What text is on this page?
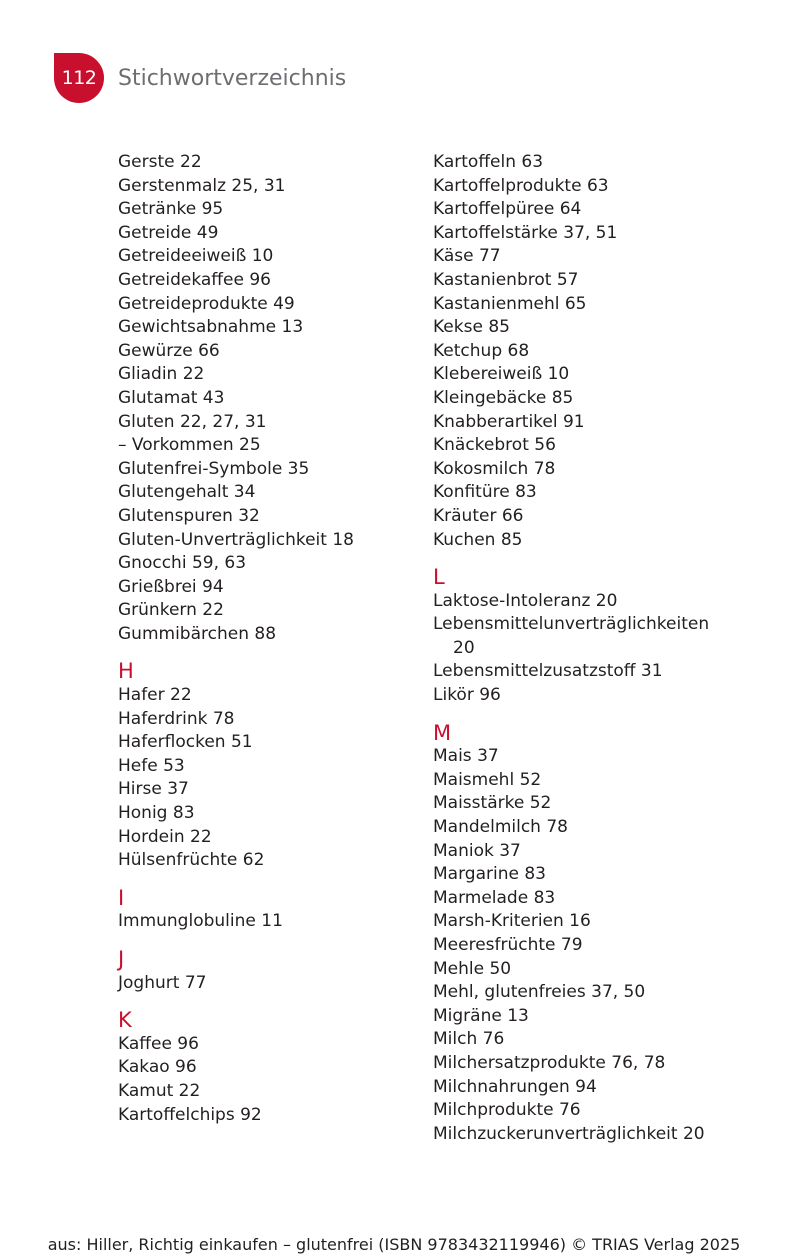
112 Stichwortverzeichnis
Gerste 22
Gerstenmalz 25, 31
Getränke 95
Getreide 49
Getreideeiweiß 10
Getreidekaffee 96
Getreideprodukte 49
Gewichtsabnahme 13
Gewürze 66
Gliadin 22
Glutamat 43
Gluten 22, 27, 31
– Vorkommen 25
Glutenfrei-Symbole 35
Glutengehalt 34
Glutenspuren 32
Gluten-Unverträglichkeit 18
Gnocchi 59, 63
Grießbrei 94
Grünkern 22
Gummibärchen 88
H
Hafer 22
Haferdrink 78
Haferflocken 51
Hefe 53
Hirse 37
Honig 83
Hordein 22
Hülsenfrüchte 62
I
Immunglobuline 11
J
Joghurt 77
K
Kaffee 96
Kakao 96
Kamut 22
Kartoffelchips 92
Kartoffeln 63
Kartoffelprodukte 63
Kartoffelpüree 64
Kartoffelstärke 37, 51
Käse 77
Kastanienbrot 57
Kastanienmehl 65
Kekse 85
Ketchup 68
Klebereiweiß 10
Kleingebäcke 85
Knabberartikel 91
Knäckebrot 56
Kokosmilch 78
Konfitüre 83
Kräuter 66
Kuchen 85
L
Laktose-Intoleranz 20
Lebensmittelunverträglichkeiten
20
Lebensmittelzusatzstoff 31
Likör 96
M
Mais 37
Maismehl 52
Maisstärke 52
Mandelmilch 78
Maniok 37
Margarine 83
Marmelade 83
Marsh-Kriterien 16
Meeresfrüchte 79
Mehle 50
Mehl, glutenfreies 37, 50
Migräne 13
Milch 76
Milchersatzprodukte 76, 78
Milchnahrungen 94
Milchprodukte 76
Milchzuckerunverträglichkeit 20
aus: Hiller, Richtig einkaufen – glutenfrei (ISBN 9783432119946) © TRIAS Verlag 2025
